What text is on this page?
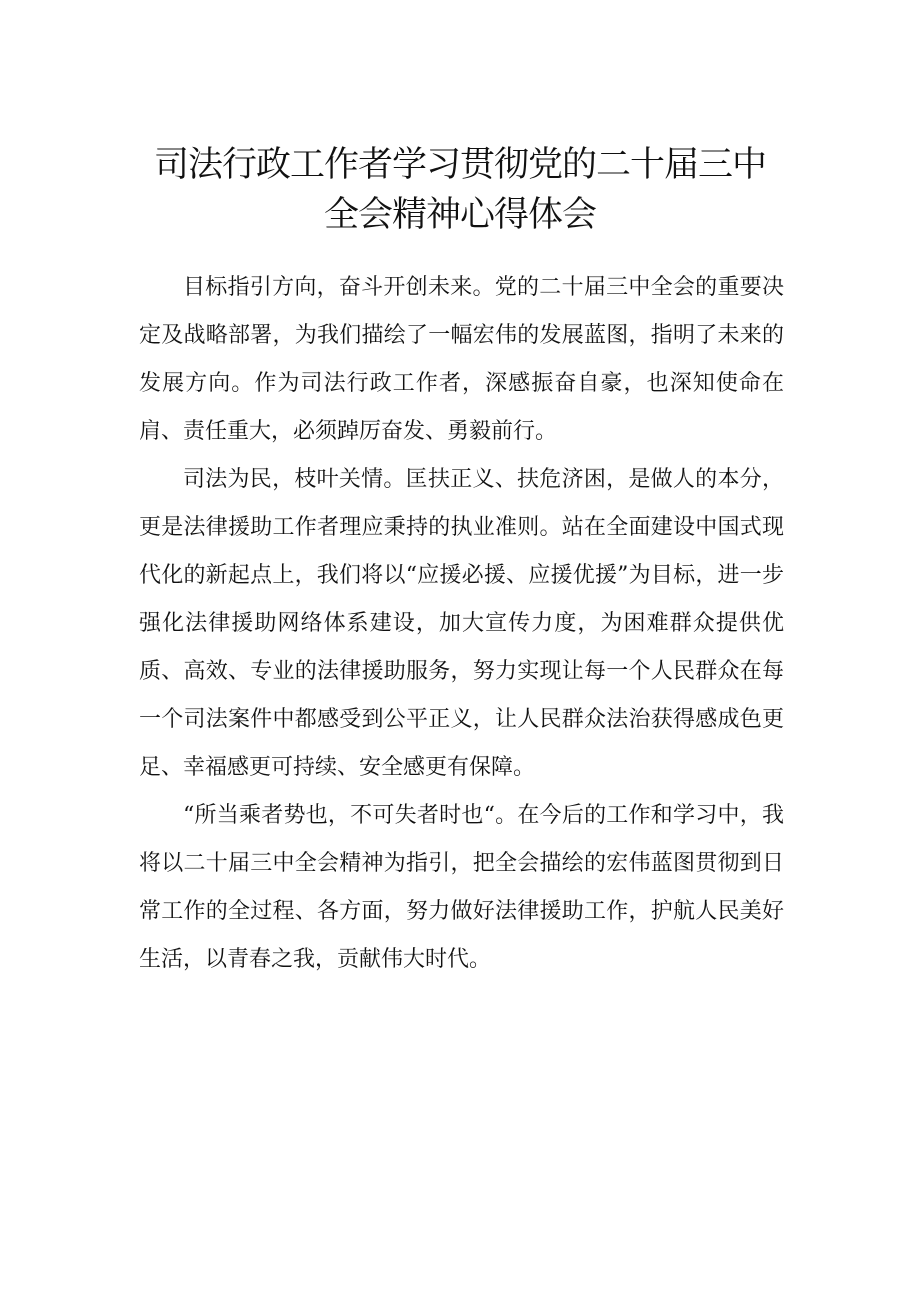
司法行政工作者学习贯彻党的二十届三中
全会精神心得体会

目标指引方向，奋斗开创未来。党的二十届三中全会的重要决定及战略部署，为我们描绘了一幅宏伟的发展蓝图，指明了未来的发展方向。作为司法行政工作者，深感振奋自豪，也深知使命在肩、责任重大，必须踔厉奋发、勇毅前行。

司法为民，枝叶关情。匡扶正义、扶危济困，是做人的本分，更是法律援助工作者理应秉持的执业准则。站在全面建设中国式现代化的新起点上，我们将以“应援必援、应援优援”为目标，进一步强化法律援助网络体系建设，加大宣传力度，为困难群众提供优质、高效、专业的法律援助服务，努力实现让每一个人民群众在每一个司法案件中都感受到公平正义，让人民群众法治获得感成色更足、幸福感更可持续、安全感更有保障。

“所当乘者势也，不可失者时也“。在今后的工作和学习中，我将以二十届三中全会精神为指引，把全会描绘的宏伟蓝图贯彻到日常工作的全过程、各方面，努力做好法律援助工作，护航人民美好生活，以青春之我，贡献伟大时代。
